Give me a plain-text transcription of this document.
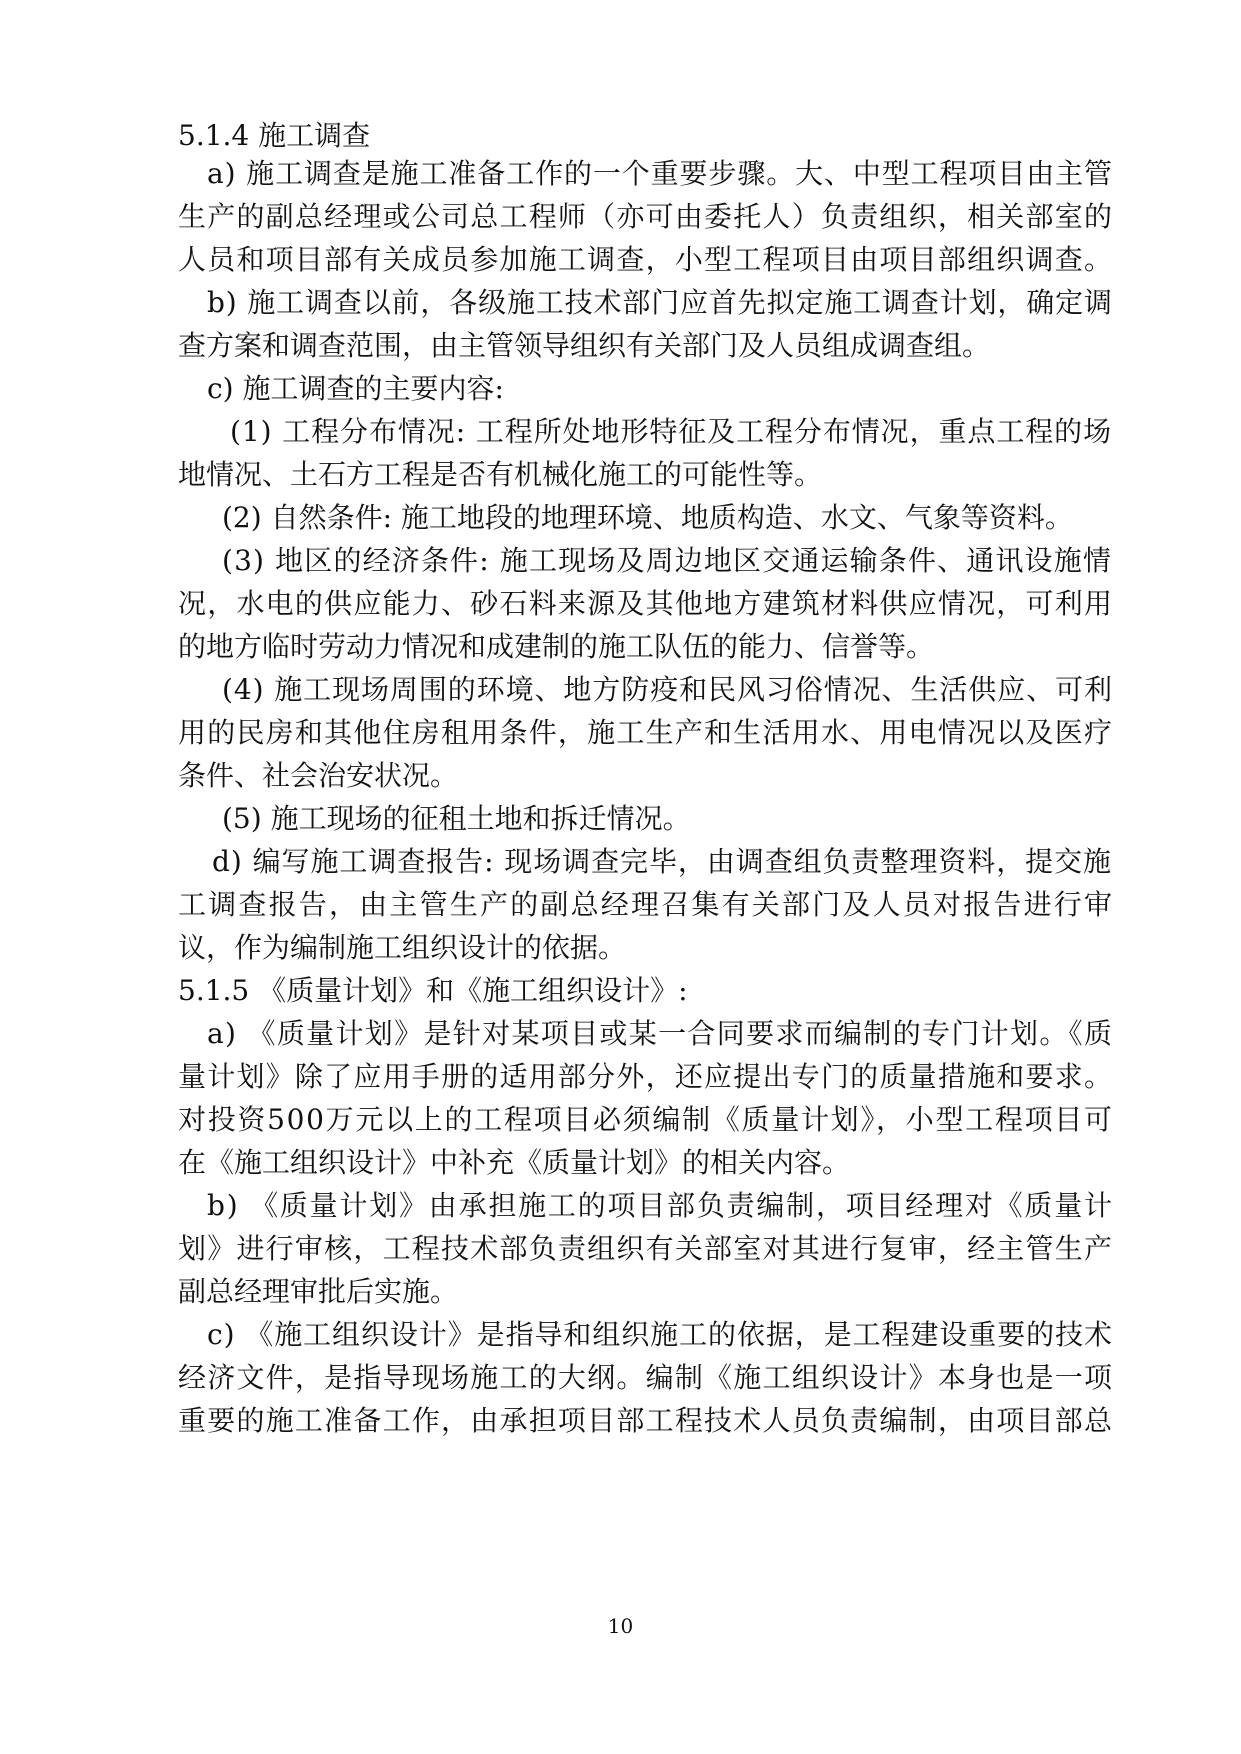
5.1.4 施工调查
a) 施工调查是施工准备工作的一个重要步骤。大、中型工程项目由主管
生产的副总经理或公司总工程师（亦可由委托人）负责组织，相关部室的
人员和项目部有关成员参加施工调查，小型工程项目由项目部组织调查。
b) 施工调查以前，各级施工技术部门应首先拟定施工调查计划，确定调
查方案和调查范围，由主管领导组织有关部门及人员组成调查组。
c) 施工调查的主要内容:
(1) 工程分布情况: 工程所处地形特征及工程分布情况，重点工程的场
地情况、土石方工程是否有机械化施工的可能性等。
(2) 自然条件: 施工地段的地理环境、地质构造、水文、气象等资料。
(3) 地区的经济条件: 施工现场及周边地区交通运输条件、通讯设施情
况，水电的供应能力、砂石料来源及其他地方建筑材料供应情况，可利用
的地方临时劳动力情况和成建制的施工队伍的能力、信誉等。
(4) 施工现场周围的环境、地方防疫和民风习俗情况、生活供应、可利
用的民房和其他住房租用条件，施工生产和生活用水、用电情况以及医疗
条件、社会治安状况。
(5) 施工现场的征租土地和拆迁情况。
d) 编写施工调查报告: 现场调查完毕，由调查组负责整理资料，提交施
工调查报告，由主管生产的副总经理召集有关部门及人员对报告进行审
议，作为编制施工组织设计的依据。
5.1.5 《质量计划》和《施工组织设计》:
a) 《质量计划》是针对某项目或某一合同要求而编制的专门计划。《质
量计划》除了应用手册的适用部分外，还应提出专门的质量措施和要求。
对投资500万元以上的工程项目必须编制《质量计划》，小型工程项目可
在《施工组织设计》中补充《质量计划》的相关内容。
b) 《质量计划》由承担施工的项目部负责编制，项目经理对《质量计
划》进行审核，工程技术部负责组织有关部室对其进行复审，经主管生产
副总经理审批后实施。
c) 《施工组织设计》是指导和组织施工的依据，是工程建设重要的技术
经济文件，是指导现场施工的大纲。编制《施工组织设计》本身也是一项
重要的施工准备工作，由承担项目部工程技术人员负责编制，由项目部总
10
